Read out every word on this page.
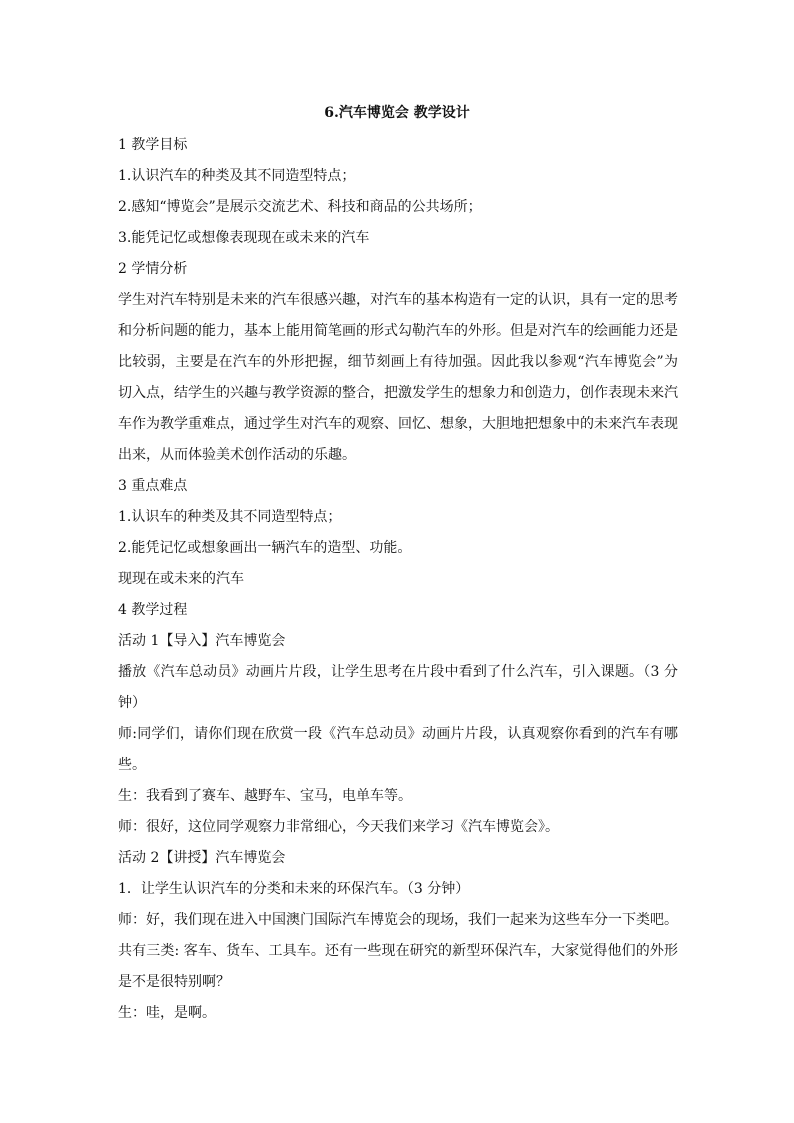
6.汽车博览会 教学设计

1 教学目标

1.认识汽车的种类及其不同造型特点；

2.感知“博览会”是展示交流艺术、科技和商品的公共场所；

3.能凭记忆或想像表现现在或未来的汽车

2 学情分析

学生对汽车特别是未来的汽车很感兴趣，对汽车的基本构造有一定的认识，具有一定的思考和分析问题的能力，基本上能用简笔画的形式勾勒汽车的外形。但是对汽车的绘画能力还是比较弱，主要是在汽车的外形把握，细节刻画上有待加强。因此我以参观“汽车博览会”为切入点，结学生的兴趣与教学资源的整合，把激发学生的想象力和创造力，创作表现未来汽车作为教学重难点，通过学生对汽车的观察、回忆、想象，大胆地把想象中的未来汽车表现出来，从而体验美术创作活动的乐趣。

3 重点难点

1.认识车的种类及其不同造型特点；

2.能凭记忆或想象画出一辆汽车的造型、功能。

现现在或未来的汽车

4 教学过程

活动 1【导入】汽车博览会

播放《汽车总动员》动画片片段，让学生思考在片段中看到了什么汽车，引入课题。（3 分钟）

师:同学们，请你们现在欣赏一段《汽车总动员》动画片片段，认真观察你看到的汽车有哪些。

生：我看到了赛车、越野车、宝马，电单车等。

师：很好，这位同学观察力非常细心，今天我们来学习《汽车博览会》。

活动 2【讲授】汽车博览会

1．让学生认识汽车的分类和未来的环保汽车。（3 分钟）

师：好，我们现在进入中国澳门国际汽车博览会的现场，我们一起来为这些车分一下类吧。共有三类: 客车、货车、工具车。还有一些现在研究的新型环保汽车，大家觉得他们的外形是不是很特别啊？

生：哇，是啊。
